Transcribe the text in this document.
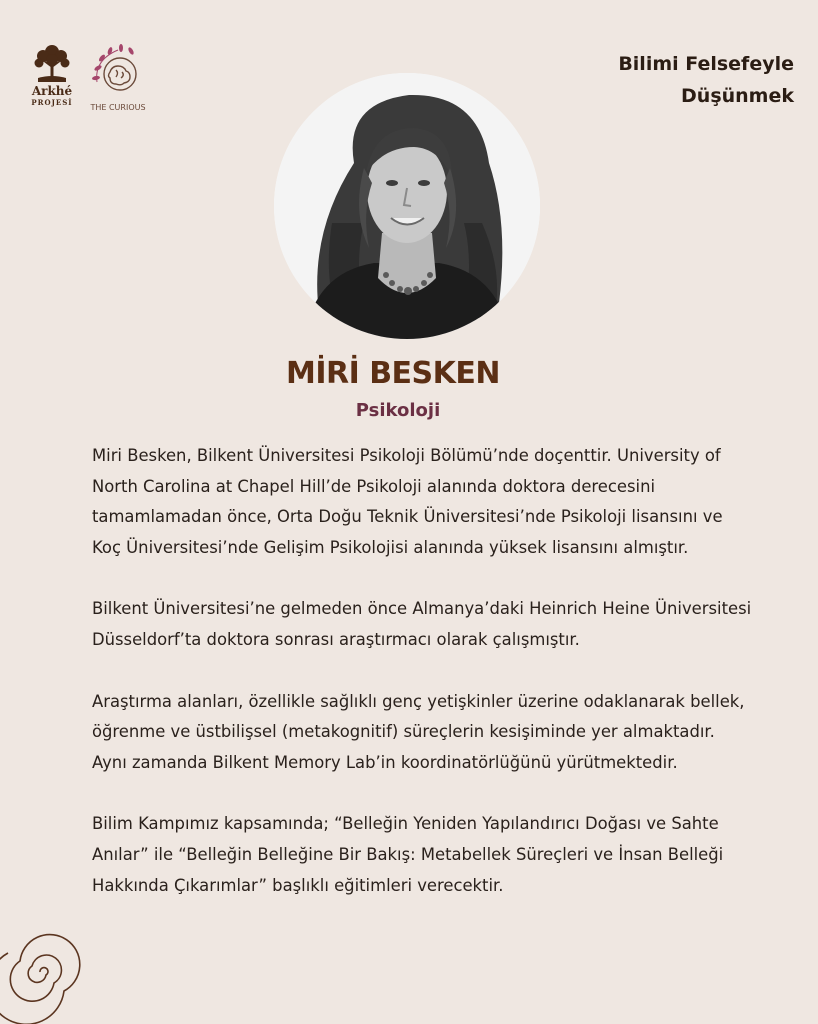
Arkhé
PROJESİ
THE CURIOUS
Bilimi Felsefeyle
Düşünmek
MİRİ BESKEN
Psikoloji

Miri Besken, Bilkent Üniversitesi Psikoloji Bölümü’nde doçenttir. University of North Carolina at Chapel Hill’de Psikoloji alanında doktora derecesini tamamlamadan önce, Orta Doğu Teknik Üniversitesi’nde Psikoloji lisansını ve Koç Üniversitesi’nde Gelişim Psikolojisi alanında yüksek lisansını almıştır.

Bilkent Üniversitesi’ne gelmeden önce Almanya’daki Heinrich Heine Üniversitesi Düsseldorf’ta doktora sonrası araştırmacı olarak çalışmıştır.

Araştırma alanları, özellikle sağlıklı genç yetişkinler üzerine odaklanarak bellek, öğrenme ve üstbilişsel (metakognitif) süreçlerin kesişiminde yer almaktadır. Aynı zamanda Bilkent Memory Lab’in koordinatörlüğünü yürütmektedir.

Bilim Kampımız kapsamında; “Belleğin Yeniden Yapılandırıcı Doğası ve Sahte Anılar” ile “Belleğin Belleğine Bir Bakış: Metabellek Süreçleri ve İnsan Belleği Hakkında Çıkarımlar” başlıklı eğitimleri verecektir.
